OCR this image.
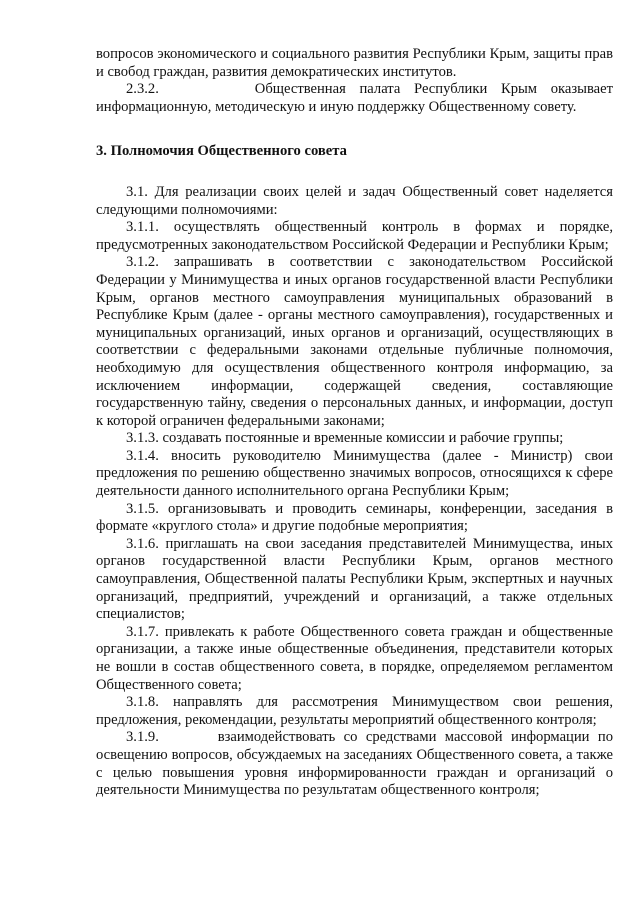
вопросов экономического и социального развития Республики Крым, защиты прав и свобод граждан, развития демократических институтов.

2.3.2.       Общественная палата Республики Крым оказывает информационную, методическую и иную поддержку Общественному совету.

3. Полномочия Общественного совета

3.1. Для реализации своих целей и задач Общественный совет наделяется следующими полномочиями:

3.1.1. осуществлять общественный контроль в формах и порядке, предусмотренных законодательством Российской Федерации и Республики Крым;

3.1.2. запрашивать в соответствии с законодательством Российской Федерации у Минимущества и иных органов государственной власти Республики Крым, органов местного самоуправления муниципальных образований в Республике Крым (далее - органы местного самоуправления), государственных и муниципальных организаций, иных органов и организаций, осуществляющих в соответствии с федеральными законами отдельные публичные полномочия, необходимую для осуществления общественного контроля информацию, за исключением информации, содержащей сведения, составляющие государственную тайну, сведения о персональных данных, и информации, доступ к которой ограничен федеральными законами;

3.1.3. создавать постоянные и временные комиссии и рабочие группы;

3.1.4. вносить руководителю Минимущества (далее - Министр) свои предложения по решению общественно значимых вопросов, относящихся к сфере деятельности данного исполнительного органа Республики Крым;

3.1.5. организовывать и проводить семинары, конференции, заседания в формате «круглого стола» и другие подобные мероприятия;

3.1.6. приглашать на свои заседания представителей Минимущества, иных органов государственной власти Республики Крым, органов местного самоуправления, Общественной палаты Республики Крым, экспертных и научных организаций, предприятий, учреждений и организаций, а также отдельных специалистов;

3.1.7. привлекать к работе Общественного совета граждан и общественные организации, а также иные общественные объединения, представители которых не вошли в состав общественного совета, в порядке, определяемом регламентом Общественного совета;

3.1.8. направлять для рассмотрения Минимуществом свои решения, предложения, рекомендации, результаты мероприятий общественного контроля;

3.1.9.       взаимодействовать со средствами массовой информации по освещению вопросов, обсуждаемых на заседаниях Общественного совета, а также с целью повышения уровня информированности граждан и организаций о деятельности Минимущества по результатам общественного контроля;
